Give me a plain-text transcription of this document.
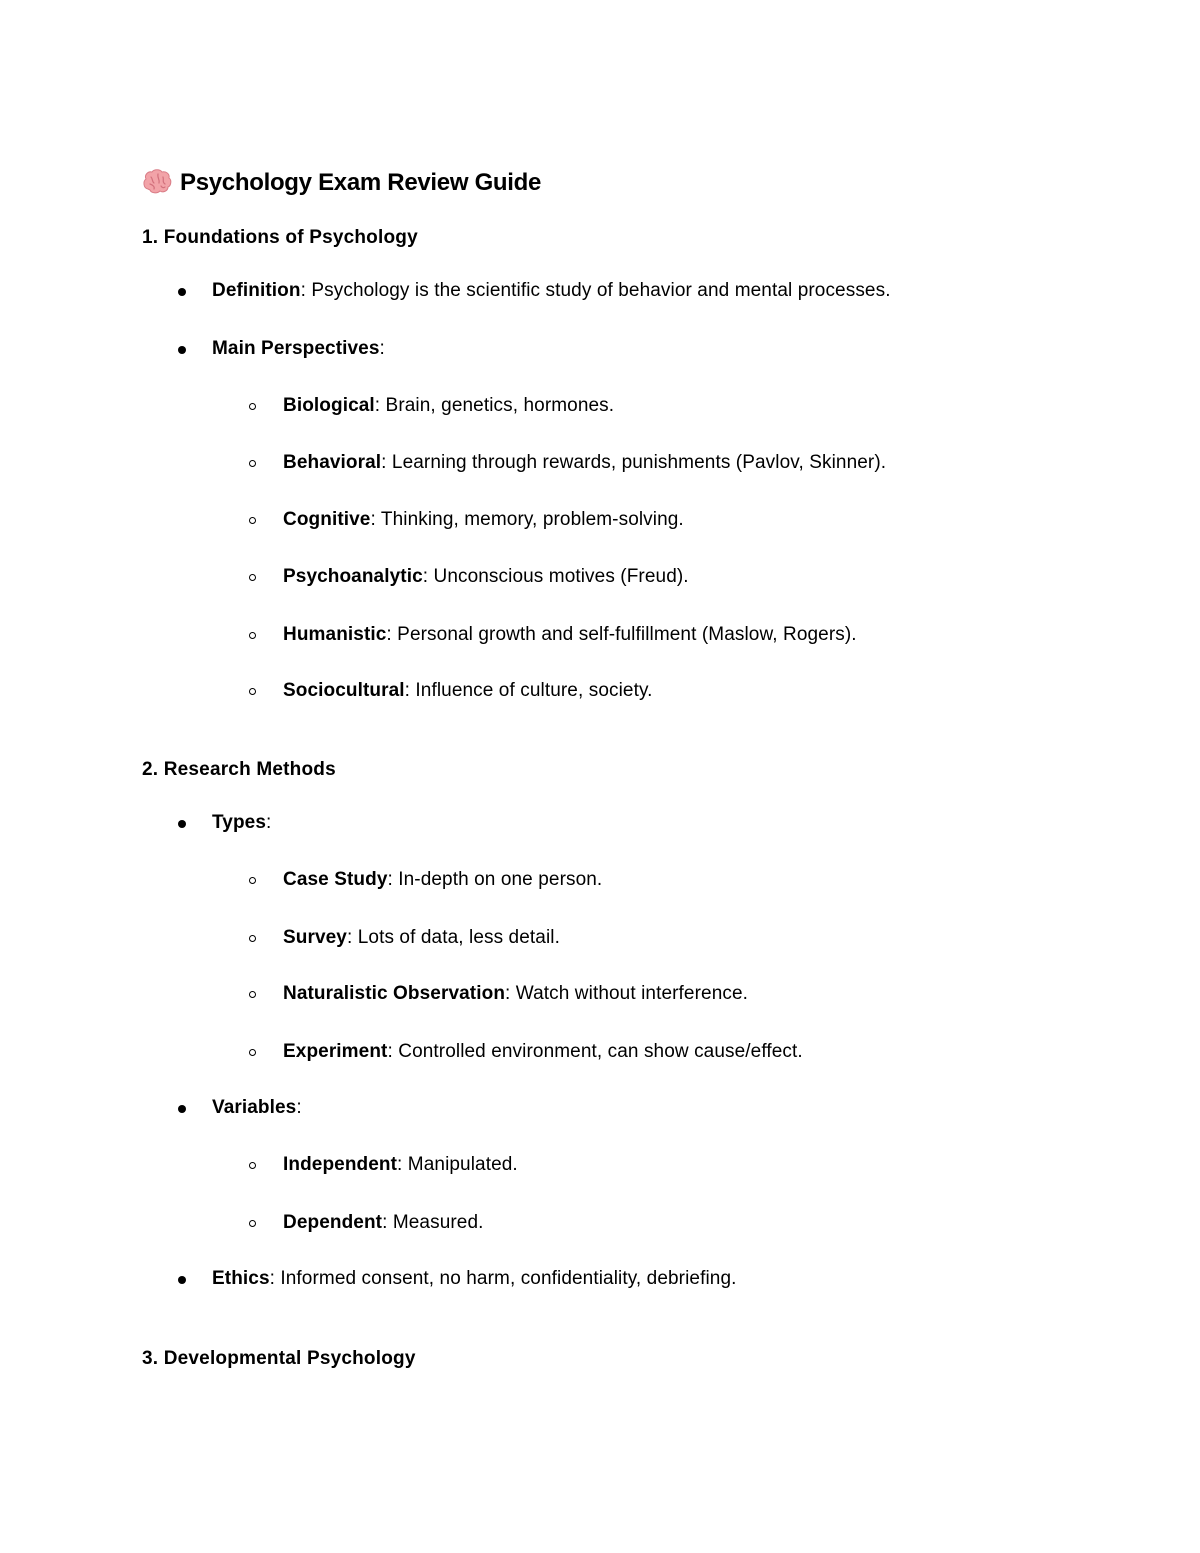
Psychology Exam Review Guide
1. Foundations of Psychology
Definition: Psychology is the scientific study of behavior and mental processes.
Main Perspectives:
Biological: Brain, genetics, hormones.
Behavioral: Learning through rewards, punishments (Pavlov, Skinner).
Cognitive: Thinking, memory, problem-solving.
Psychoanalytic: Unconscious motives (Freud).
Humanistic: Personal growth and self-fulfillment (Maslow, Rogers).
Sociocultural: Influence of culture, society.
2. Research Methods
Types:
Case Study: In-depth on one person.
Survey: Lots of data, less detail.
Naturalistic Observation: Watch without interference.
Experiment: Controlled environment, can show cause/effect.
Variables:
Independent: Manipulated.
Dependent: Measured.
Ethics: Informed consent, no harm, confidentiality, debriefing.
3. Developmental Psychology
